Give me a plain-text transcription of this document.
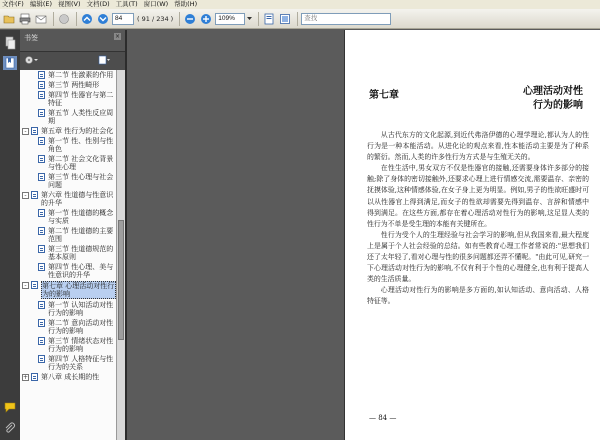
文件(F) 编辑(E) 视图(V) 文档(D) 工具(T) 窗口(W) 帮助(H)
84
( 91 / 234 )
109%
查找
书签	×
第二节 性激素的作用
第三节 两性畸形
第四节 性器官与第二特征
第五节 人类性反应周期
-	第五章 性行为的社会化
第一节 性、性别与性角色
第二节 社会文化背景与性心理
第三节 性心理与社会问题
-	第六章 性道德与性意识的升华
第一节 性道德的概念与实质
第二节 性道德的主要范围
第三节 性道德规范的基本原则
第四节 性心理、美与性意识的升华
-	第七章 心理活动对性行为的影响
第一节 认知活动对性行为的影响
第二节 意向活动对性行为的影响
第三节 情绪状态对性行为的影响
第四节 人格特征与性行为的关系
+ 第八章 成长期的性
第七章	心理活动对性
行为的影响

从古代东方的文化起源,到近代弗洛伊德的心理学理论,都认为人的性行为是一种本能活动。从进化论的观点来看,性本能活动主要是为了种系的繁衍。然而,人类的许多性行为方式是与生殖无关的。

在性生活中,男女双方不仅是性器官的接触,还需要身体许多部分的接触;除了身体的密切接触外,还要求心理上进行情感交流,需要温存、亲密的抚摸体验,这种情感体验,在女子身上更为明显。例如,男子的性欲旺盛时可以从性器官上得到满足,而女子的性欲却需要先得到温存、言辞和情感中得到满足。在这些方面,都存在着心理活动对性行为的影响,这足显人类的性行为不单是受生理的本能有关键所在。

性行为受个人的生理经验与社会学习的影响,但从我国来看,最大程度上是属于个人社会经验的总结。如有些教育心理工作者常说的:"思想我们还了太年轻了,看对心理与性的很多问题都还弄不懂呢。"由此可见,研究一下心理活动对性行为的影响,不仅有利于个性的心理健全,也有利于提高人类的生活质量。

心理活动对性行为的影响是多方面的,如认知活动、意向活动、人格特征等。

— 84 —
